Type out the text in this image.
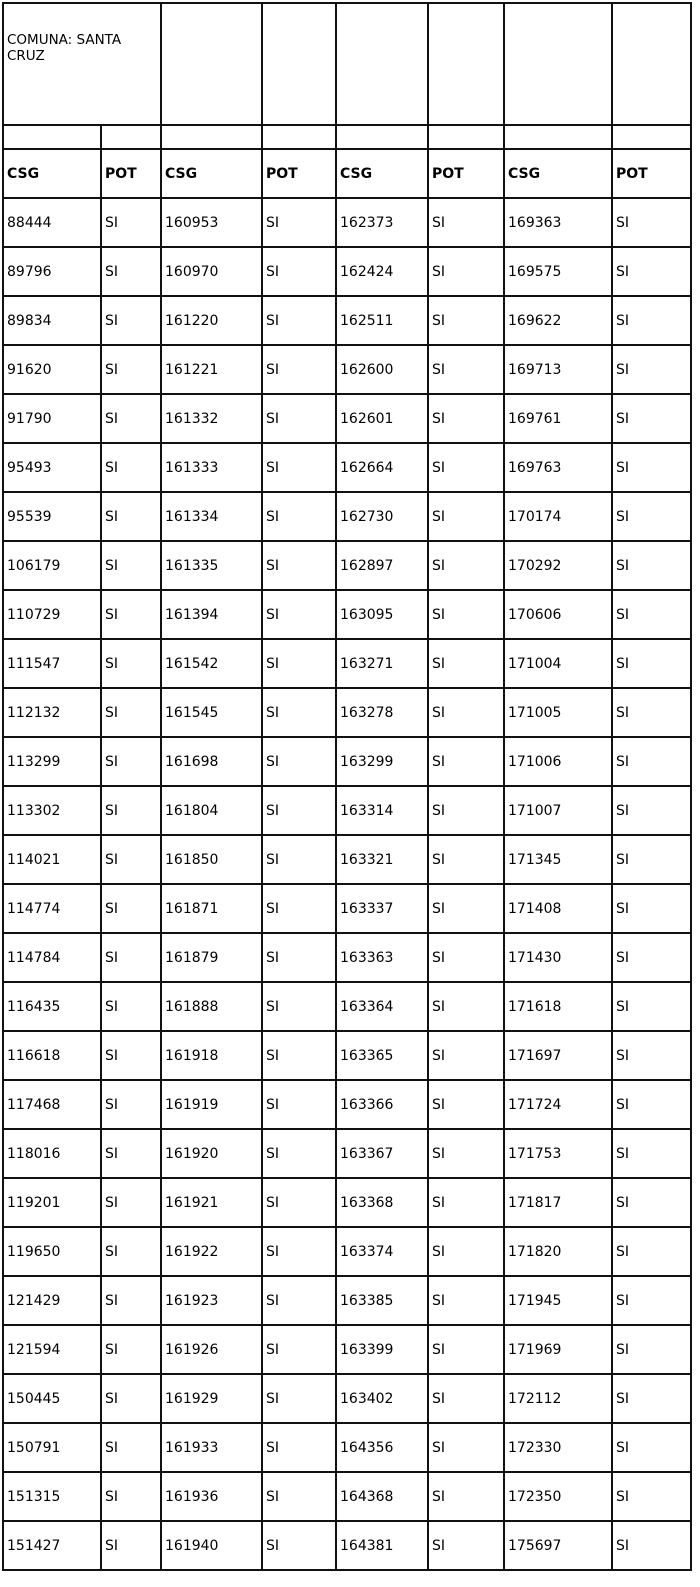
COMUNA: SANTA CRUZ							

CSG	POT	CSG	POT	CSG	POT	CSG	POT
88444	SI	160953	SI	162373	SI	169363	SI
89796	SI	160970	SI	162424	SI	169575	SI
89834	SI	161220	SI	162511	SI	169622	SI
91620	SI	161221	SI	162600	SI	169713	SI
91790	SI	161332	SI	162601	SI	169761	SI
95493	SI	161333	SI	162664	SI	169763	SI
95539	SI	161334	SI	162730	SI	170174	SI
106179	SI	161335	SI	162897	SI	170292	SI
110729	SI	161394	SI	163095	SI	170606	SI
111547	SI	161542	SI	163271	SI	171004	SI
112132	SI	161545	SI	163278	SI	171005	SI
113299	SI	161698	SI	163299	SI	171006	SI
113302	SI	161804	SI	163314	SI	171007	SI
114021	SI	161850	SI	163321	SI	171345	SI
114774	SI	161871	SI	163337	SI	171408	SI
114784	SI	161879	SI	163363	SI	171430	SI
116435	SI	161888	SI	163364	SI	171618	SI
116618	SI	161918	SI	163365	SI	171697	SI
117468	SI	161919	SI	163366	SI	171724	SI
118016	SI	161920	SI	163367	SI	171753	SI
119201	SI	161921	SI	163368	SI	171817	SI
119650	SI	161922	SI	163374	SI	171820	SI
121429	SI	161923	SI	163385	SI	171945	SI
121594	SI	161926	SI	163399	SI	171969	SI
150445	SI	161929	SI	163402	SI	172112	SI
150791	SI	161933	SI	164356	SI	172330	SI
151315	SI	161936	SI	164368	SI	172350	SI
151427	SI	161940	SI	164381	SI	175697	SI
